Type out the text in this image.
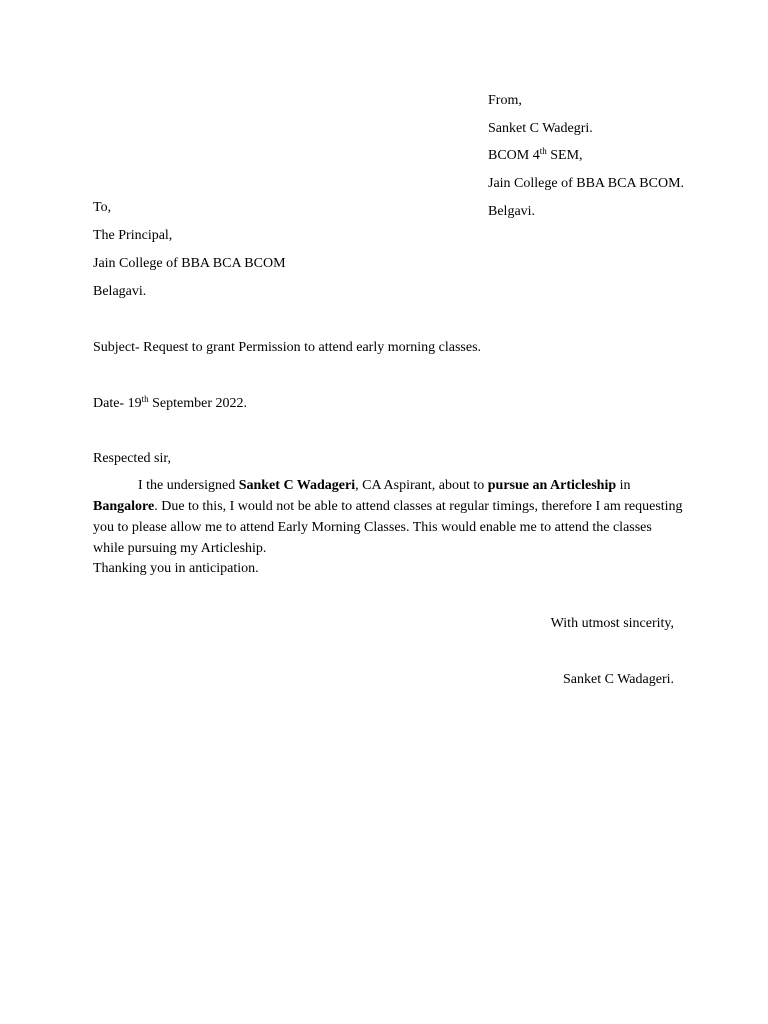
From,
Sanket C Wadegri.
BCOM 4th SEM,
Jain College of BBA BCA BCOM.
Belgavi.
To,
The Principal,
Jain College of BBA BCA BCOM
Belagavi.
Subject- Request to grant Permission to attend early morning classes.
Date- 19th September 2022.
Respected sir,
I the undersigned Sanket C Wadageri, CA Aspirant, about to pursue an Articleship in Bangalore. Due to this, I would not be able to attend classes at regular timings, therefore I am requesting you to please allow me to attend Early Morning Classes. This would enable me to attend the classes while pursuing my Articleship.
Thanking you in anticipation.
With utmost sincerity,
Sanket C Wadageri.
